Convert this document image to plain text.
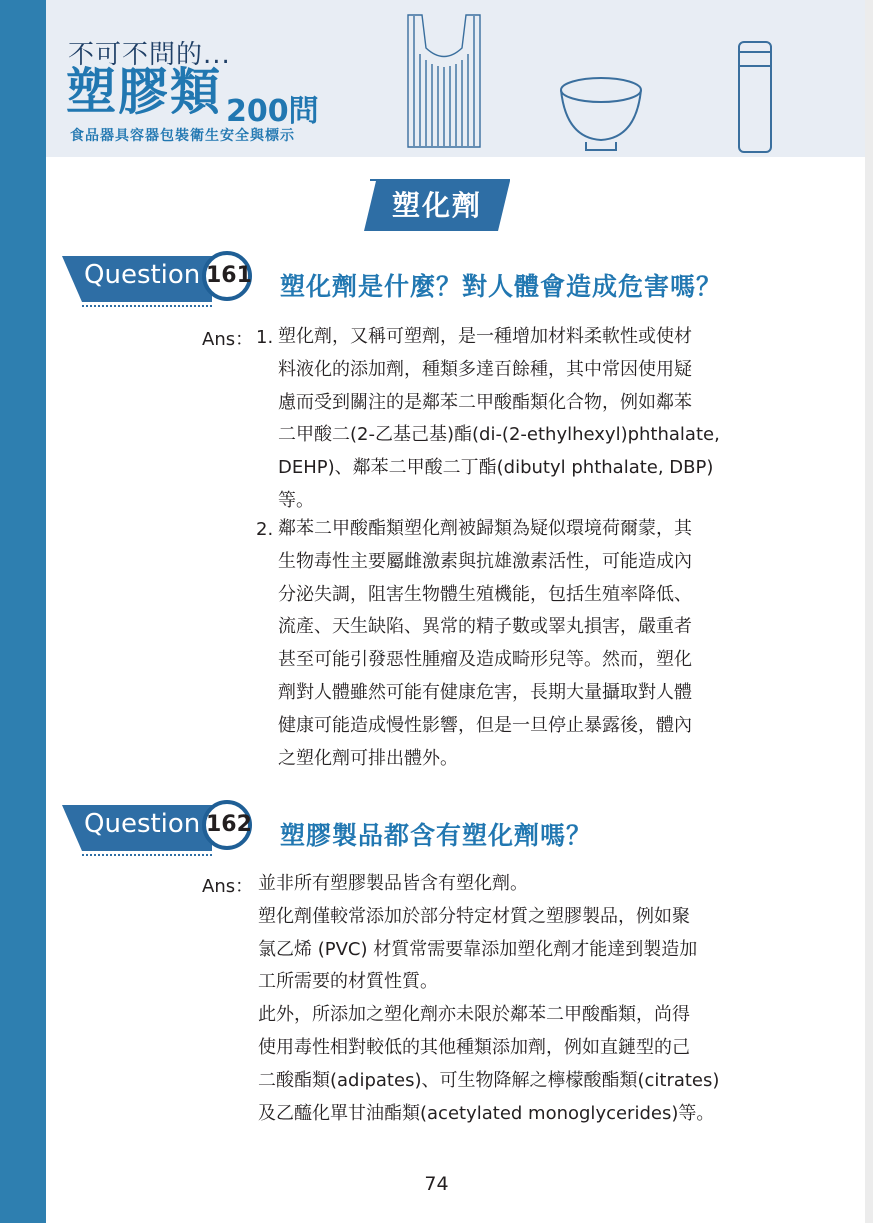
不可不問的...
塑膠類 200問
食品器具容器包裝衛生安全與標示
塑化劑
Question 161 塑化劑是什麼？對人體會造成危害嗎？
Ans： 1. 塑化劑，又稱可塑劑，是一種增加材料柔軟性或使材
料液化的添加劑，種類多達百餘種，其中常因使用疑
慮而受到關注的是鄰苯二甲酸酯類化合物，例如鄰苯
二甲酸二(2-乙基己基)酯(di-(2-ethylhexyl)phthalate,
DEHP)、鄰苯二甲酸二丁酯(dibutyl phthalate, DBP)
等。
2. 鄰苯二甲酸酯類塑化劑被歸類為疑似環境荷爾蒙，其
生物毒性主要屬雌激素與抗雄激素活性，可能造成內
分泌失調，阻害生物體生殖機能，包括生殖率降低、
流產、天生缺陷、異常的精子數或睪丸損害，嚴重者
甚至可能引發惡性腫瘤及造成畸形兒等。然而，塑化
劑對人體雖然可能有健康危害，長期大量攝取對人體
健康可能造成慢性影響，但是一旦停止暴露後，體內
之塑化劑可排出體外。
Question 162 塑膠製品都含有塑化劑嗎？
Ans： 並非所有塑膠製品皆含有塑化劑。
塑化劑僅較常添加於部分特定材質之塑膠製品，例如聚
氯乙烯 (PVC) 材質常需要靠添加塑化劑才能達到製造加
工所需要的材質性質。
此外，所添加之塑化劑亦未限於鄰苯二甲酸酯類，尚得
使用毒性相對較低的其他種類添加劑，例如直鏈型的己
二酸酯類(adipates)、可生物降解之檸檬酸酯類(citrates)
及乙醯化單甘油酯類(acetylated monoglycerides)等。
74
